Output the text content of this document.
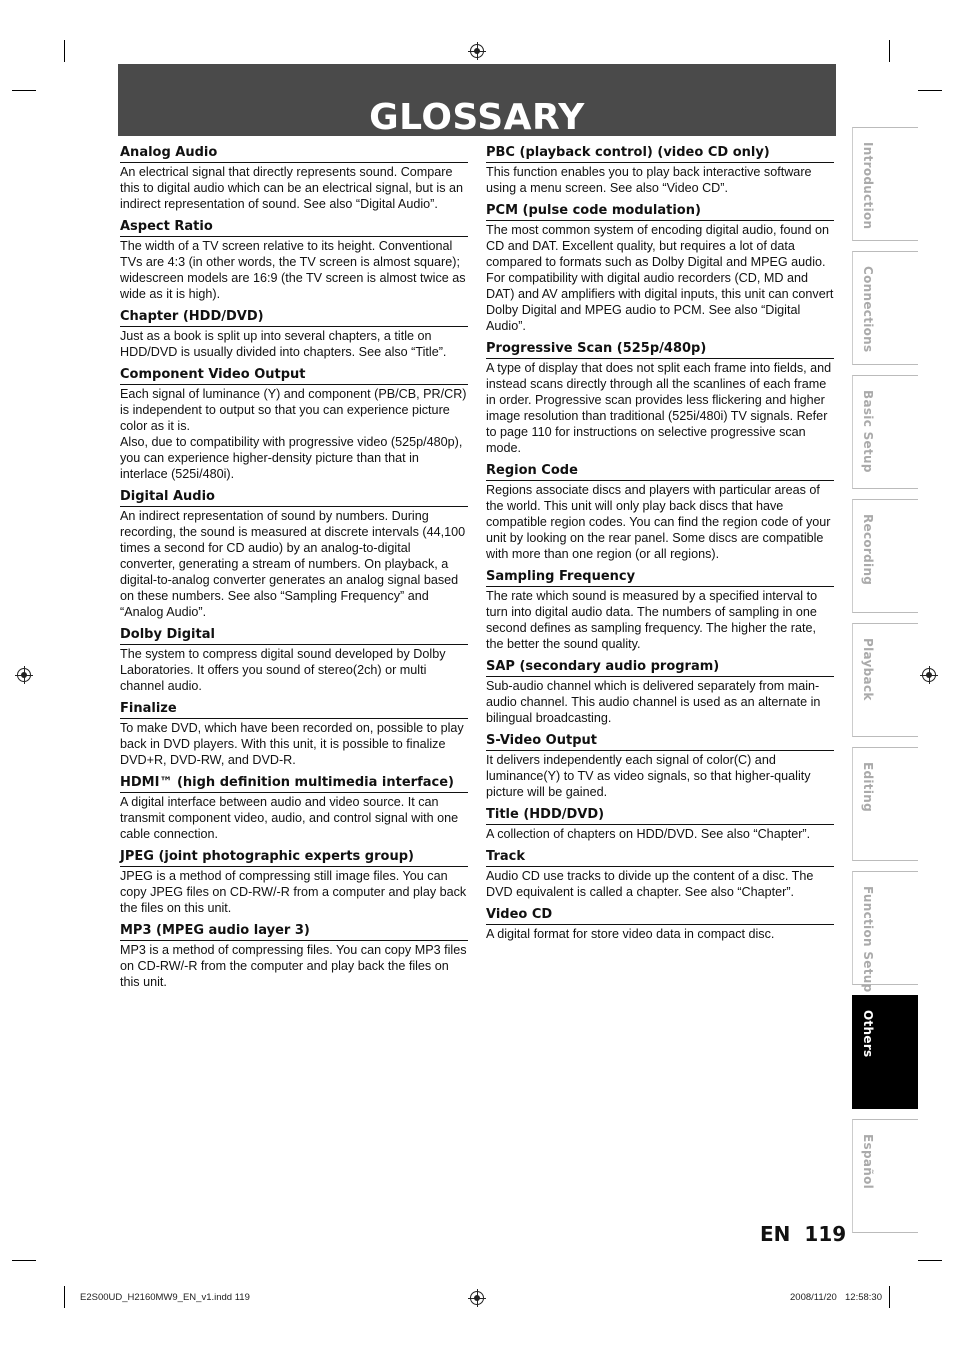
GLOSSARY
Analog Audio

An electrical signal that directly represents sound. Compare this to digital audio which can be an electrical signal, but is an indirect representation of sound. See also “Digital Audio”.

Aspect Ratio

The width of a TV screen relative to its height. Conventional TVs are 4:3 (in other words, the TV screen is almost square); widescreen models are 16:9 (the TV screen is almost twice as wide as it is high).

Chapter (HDD/DVD)

Just as a book is split up into several chapters, a title on HDD/DVD is usually divided into chapters. See also “Title”.

Component Video Output

Each signal of luminance (Y) and component (PB/CB, PR/CR) is independent to output so that you can experience picture color as it is.

Also, due to compatibility with progressive video (525p/480p), you can experience higher-density picture than that in interlace (525i/480i).

Digital Audio

An indirect representation of sound by numbers. During recording, the sound is measured at discrete intervals (44,100 times a second for CD audio) by an analog-to-digital converter, generating a stream of numbers. On playback, a digital-to-analog converter generates an analog signal based on these numbers. See also “Sampling Frequency” and “Analog Audio”.

Dolby Digital

The system to compress digital sound developed by Dolby Laboratories. It offers you sound of stereo(2ch) or multi channel audio.

Finalize

To make DVD, which have been recorded on, possible to play back in DVD players. With this unit, it is possible to finalize DVD+R, DVD-RW, and DVD-R.

HDMI™ (high definition multimedia interface)

A digital interface between audio and video source. It can transmit component video, audio, and control signal with one cable connection.

JPEG (joint photographic experts group)

JPEG is a method of compressing still image files. You can copy JPEG files on CD-RW/-R from a computer and play back the files on this unit.

MP3 (MPEG audio layer 3)

MP3 is a method of compressing files. You can copy MP3 files on CD-RW/-R from the computer and play back the files on this unit.

PBC (playback control) (video CD only)

This function enables you to play back interactive software using a menu screen. See also “Video CD”.

PCM (pulse code modulation)

The most common system of encoding digital audio, found on CD and DAT. Excellent quality, but requires a lot of data compared to formats such as Dolby Digital and MPEG audio. For compatibility with digital audio recorders (CD, MD and DAT) and AV amplifiers with digital inputs, this unit can convert Dolby Digital and MPEG audio to PCM. See also “Digital Audio”.

Progressive Scan (525p/480p)

A type of display that does not split each frame into fields, and instead scans directly through all the scanlines of each frame in order. Progressive scan provides less flickering and higher image resolution than traditional (525i/480i) TV signals. Refer to page 110 for instructions on selective progressive scan mode.

Region Code

Regions associate discs and players with particular areas of the world. This unit will only play back discs that have compatible region codes. You can find the region code of your unit by looking on the rear panel. Some discs are compatible with more than one region (or all regions).

Sampling Frequency

The rate which sound is measured by a specified interval to turn into digital audio data. The numbers of sampling in one second defines as sampling frequency. The higher the rate, the better the sound quality.

SAP (secondary audio program)

Sub-audio channel which is delivered separately from main-audio channel. This audio channel is used as an alternate in bilingual broadcasting.

S-Video Output

It delivers independently each signal of color(C) and luminance(Y) to TV as video signals, so that higher-quality picture will be gained.

Title (HDD/DVD)

A collection of chapters on HDD/DVD. See also “Chapter”.

Track

Audio CD use tracks to divide up the content of a disc. The DVD equivalent is called a chapter. See also “Chapter”.

Video CD

A digital format for store video data in compact disc.

Introduction
Connections
Basic Setup
Recording
Playback
Editing
Function Setup
Others
Español
EN 119
E2S00UD_H2160MW9_EN_v1.indd 119	2008/11/20 12:58:30
